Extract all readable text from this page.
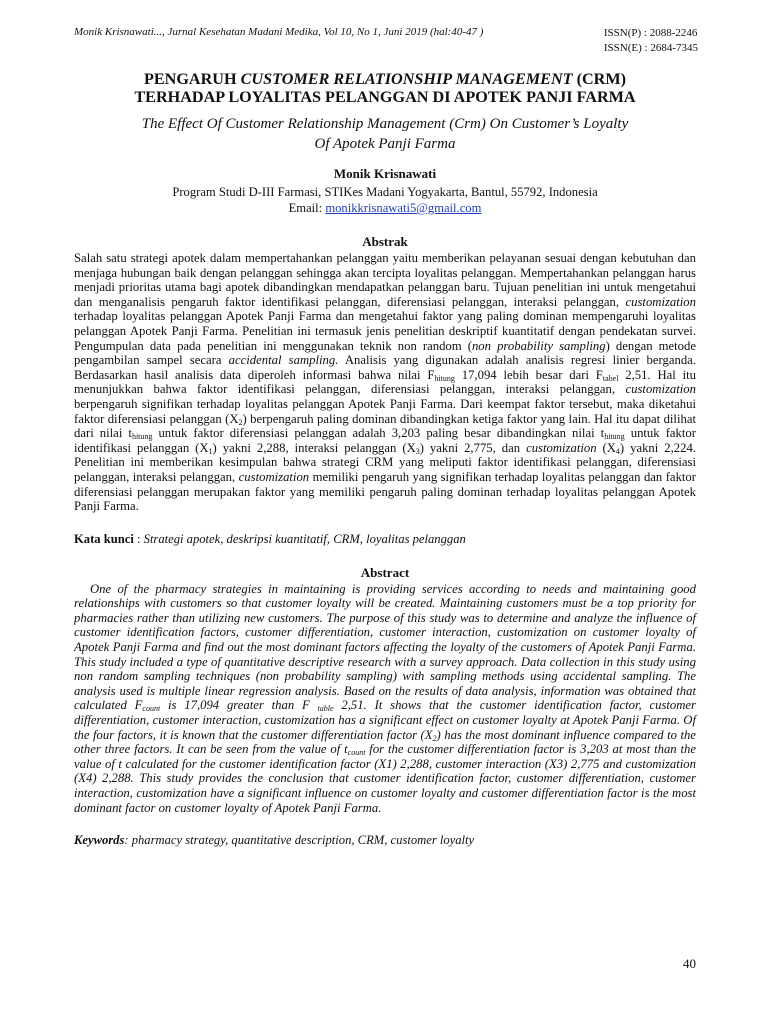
Monik Krisnawati..., Jurnal Kesehatan Madani Medika, Vol 10, No 1, Juni 2019 (hal:40-47 )	ISSN(P) : 2088-2246
ISSN(E) : 2684-7345
PENGARUH CUSTOMER RELATIONSHIP MANAGEMENT (CRM)
TERHADAP LOYALITAS PELANGGAN DI APOTEK PANJI FARMA
The Effect Of Customer Relationship Management (Crm) On Customer’s Loyalty
Of Apotek Panji Farma
Monik Krisnawati
Program Studi D-III Farmasi, STIKes Madani Yogyakarta, Bantul, 55792, Indonesia
Email: monikkrisnawati5@gmail.com
Abstrak

Salah satu strategi apotek dalam mempertahankan pelanggan yaitu memberikan pelayanan sesuai dengan kebutuhan dan menjaga hubungan baik dengan pelanggan sehingga akan tercipta loyalitas pelanggan. Mempertahankan pelanggan harus menjadi prioritas utama bagi apotek dibandingkan mendapatkan pelanggan baru. Tujuan penelitian ini untuk mengetahui dan menganalisis pengaruh faktor identifikasi pelanggan, diferensiasi pelanggan, interaksi pelanggan, customization terhadap loyalitas pelanggan Apotek Panji Farma dan mengetahui faktor yang paling dominan mempengaruhi loyalitas pelanggan Apotek Panji Farma. Penelitian ini termasuk jenis penelitian deskriptif kuantitatif dengan pendekatan survei. Pengumpulan data pada penelitian ini menggunakan teknik non random (non probability sampling) dengan metode pengambilan sampel secara accidental sampling. Analisis yang digunakan adalah analisis regresi linier berganda. Berdasarkan hasil analisis data diperoleh informasi bahwa nilai $F_{hitung}$ 17,094 lebih besar dari $F_{tabel}$ 2,51. Hal itu menunjukkan bahwa faktor identifikasi pelanggan, diferensiasi pelanggan, interaksi pelanggan, customization berpengaruh signifikan terhadap loyalitas pelanggan Apotek Panji Farma. Dari keempat faktor tersebut, maka diketahui faktor diferensiasi pelanggan $(X_2)$ berpengaruh paling dominan dibandingkan ketiga faktor yang lain. Hal itu dapat dilihat dari nilai $t_{hitung}$ untuk faktor diferensiasi pelanggan adalah 3,203 paling besar dibandingkan nilai $t_{hitung}$ untuk faktor identifikasi pelanggan $(X_1)$ yakni 2,288, interaksi pelanggan $(X_3)$ yakni 2,775, dan customization $(X_4)$ yakni 2,224. Penelitian ini memberikan kesimpulan bahwa strategi CRM yang meliputi faktor identifikasi pelanggan, diferensiasi pelanggan, interaksi pelanggan, customization memiliki pengaruh yang signifikan terhadap loyalitas pelanggan dan faktor diferensiasi pelanggan merupakan faktor yang memiliki pengaruh paling dominan terhadap loyalitas pelanggan Apotek Panji Farma.

Kata kunci : Strategi apotek, deskripsi kuantitatif, CRM, loyalitas pelanggan
Abstract

One of the pharmacy strategies in maintaining is providing services according to needs and maintaining good relationships with customers so that customer loyalty will be created. Maintaining customers must be a top priority for pharmacies rather than utilizing new customers. The purpose of this study was to determine and analyze the influence of customer identification factors, customer differentiation, customer interaction, customization on customer loyalty of Apotek Panji Farma and find out the most dominant factors affecting the loyalty of the customers of Apotek Panji Farma. This study included a type of quantitative descriptive research with a survey approach. Data collection in this study using non random sampling techniques (non probability sampling) with sampling methods using accidental sampling. The analysis used is multiple linear regression analysis. Based on the results of data analysis, information was obtained that calculated $F_{count}$ is 17,094 greater than F $_{table}$ 2,51. It shows that the customer identification factor, customer differentiation, customer interaction, customization has a significant effect on customer loyalty at Apotek Panji Farma. Of the four factors, it is known that the customer differentiation factor $(X_2)$ has the most dominant influence compared to the other three factors. It can be seen from the value of $t_{count}$ for the customer differentiation factor is 3,203 at most than the value of t calculated for the customer identification factor (X1) 2,288, customer interaction (X3) 2,775 and customization (X4) 2,288. This study provides the conclusion that customer identification factor, customer differentiation, customer interaction, customization have a significant influence on customer loyalty and customer differentiation factor is the most dominant factor on customer loyalty of Apotek Panji Farma.

Keywords: pharmacy strategy, quantitative description, CRM, customer loyalty
40
